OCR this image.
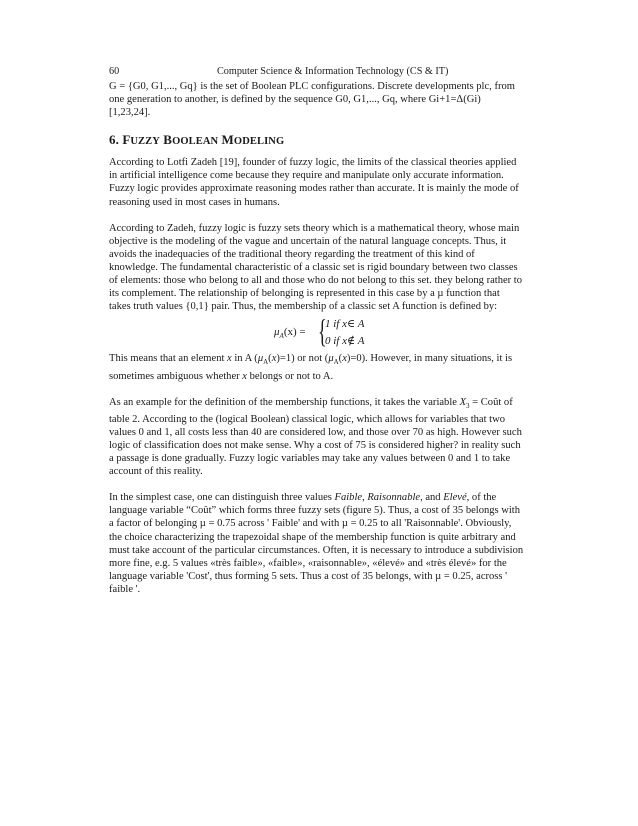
60	Computer Science & Information Technology (CS & IT)

G = {G0, G1,..., Gq} is the set of Boolean PLC configurations. Discrete developments plc, from
one generation to another, is defined by the sequence G0, G1,..., Gq, where Gi+1=Δ(Gi)
[1,23,24].

6. FUZZY BOOLEAN MODELING

According to Lotfi Zadeh [19], founder of fuzzy logic, the limits of the classical theories applied
in artificial intelligence come because they require and manipulate only accurate information.
Fuzzy logic provides approximate reasoning modes rather than accurate. It is mainly the mode of
reasoning used in most cases in humans.

According to Zadeh, fuzzy logic is fuzzy sets theory which is a mathematical theory, whose main
objective is the modeling of the vague and uncertain of the natural language concepts. Thus, it
avoids the inadequacies of the traditional theory regarding the treatment of this kind of
knowledge. The fundamental characteristic of a classic set is rigid boundary between two classes
of elements: those who belong to all and those who do not belong to this set. they belong rather to
its complement. The relationship of belonging is represented in this case by a µ function that
takes truth values {0,1} pair. Thus, the membership of a classic set A function is defined by:

$\mu_A(x)$ = {
1 if x∈ A
0 if x∉ A

This means that an element x in A $(\mu_A(x)=1)$ or not $(\mu_A(x)=0)$. However, in many situations, it is
sometimes ambiguous whether x belongs or not to A.

As an example for the definition of the membership functions, it takes the variable $X_3$ = Coût of
table 2. According to the (logical Boolean) classical logic, which allows for variables that two
values 0 and 1, all costs less than 40 are considered low, and those over 70 as high. However such
logic of classification does not make sense. Why a cost of 75 is considered higher? in reality such
a passage is done gradually. Fuzzy logic variables may take any values between 0 and 1 to take
account of this reality.

In the simplest case, one can distinguish three values Faible, Raisonnable, and Elevé, of the
language variable “Coût” which forms three fuzzy sets (figure 5). Thus, a cost of 35 belongs with
a factor of belonging µ = 0.75 across ' Faible' and with µ = 0.25 to all 'Raisonnable'. Obviously,
the choice characterizing the trapezoidal shape of the membership function is quite arbitrary and
must take account of the particular circumstances. Often, it is necessary to introduce a subdivision
more fine, e.g. 5 values «très faible», «faible», «raisonnable», «élevé» and «très élevé» for the
language variable 'Cost', thus forming 5 sets. Thus a cost of 35 belongs, with µ = 0.25, across '
faible '.
